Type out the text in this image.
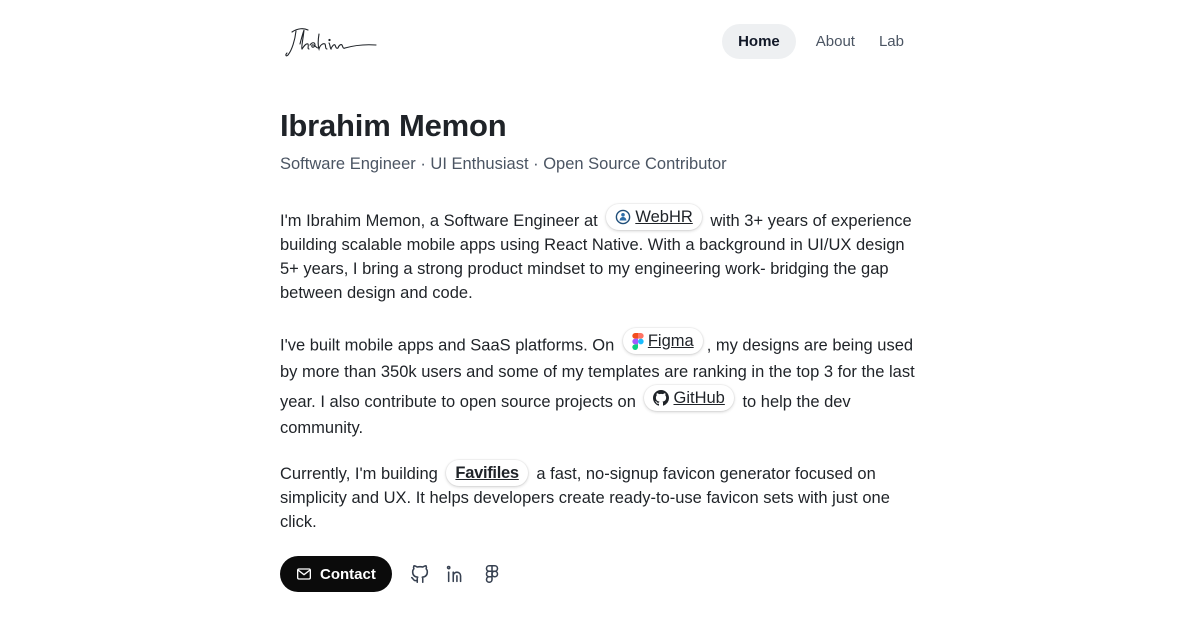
Home	About	Lab
Ibrahim Memon
Software Engineer · UI Enthusiast · Open Source Contributor

I'm Ibrahim Memon, a Software Engineer at WebHR with 3+ years of experience building scalable mobile apps using React Native. With a background in UI/UX design 5+ years, I bring a strong product mindset to my engineering work- bridging the gap between design and code.

I've built mobile apps and SaaS platforms. On Figma , my designs are being used by more than 350k users and some of my templates are ranking in the top 3 for the last year. I also contribute to open source projects on GitHub to help the dev community.

Currently, I'm building Favifiles a fast, no-signup favicon generator focused on simplicity and UX. It helps developers create ready-to-use favicon sets with just one click.

Contact
